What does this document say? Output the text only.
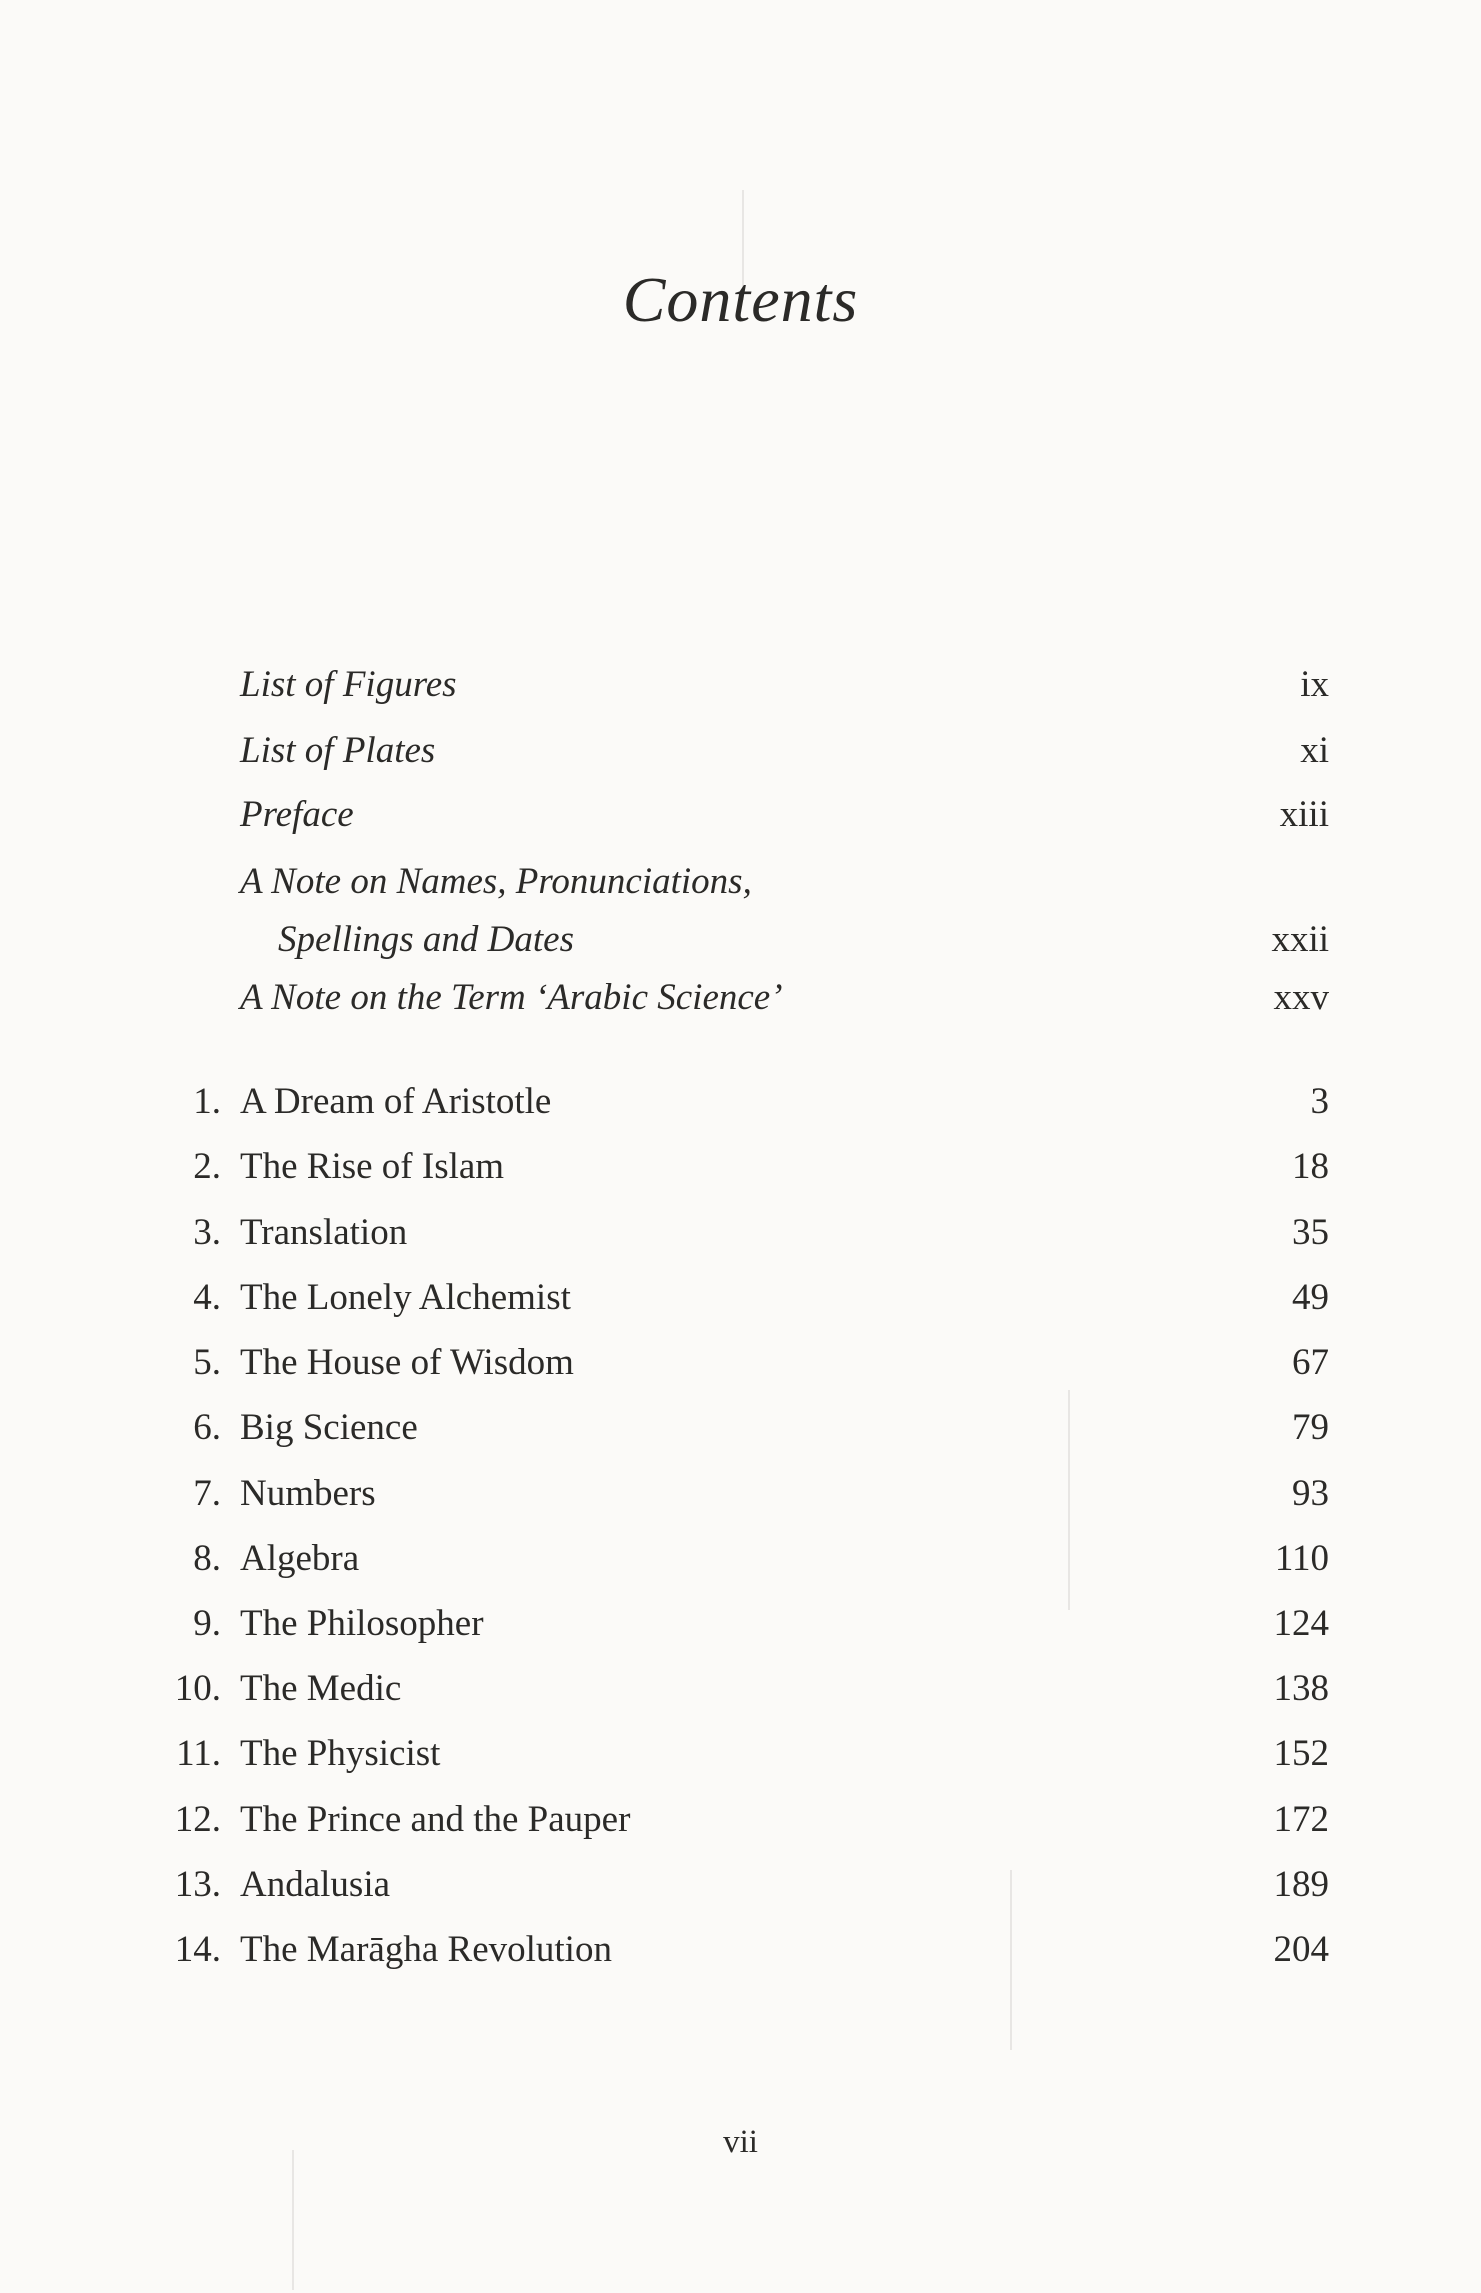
Contents
List of Figures	ix
List of Plates	xi
Preface	xiii
A Note on Names, Pronunciations,
Spellings and Dates	xxii
A Note on the Term ‘Arabic Science’	xxv
1. A Dream of Aristotle	3
2. The Rise of Islam	18
3. Translation	35
4. The Lonely Alchemist	49
5. The House of Wisdom	67
6. Big Science	79
7. Numbers	93
8. Algebra	110
9. The Philosopher	124
10. The Medic	138
11. The Physicist	152
12. The Prince and the Pauper	172
13. Andalusia	189
14. The Marāgha Revolution	204
vii
